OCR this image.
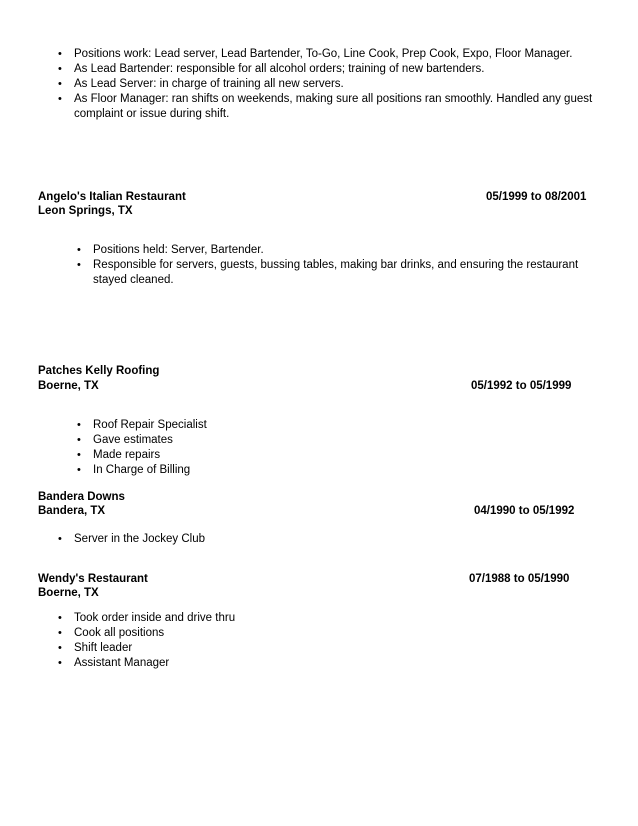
• Positions work: Lead server, Lead Bartender, To-Go, Line Cook, Prep Cook, Expo, Floor Manager.
• As Lead Bartender: responsible for all alcohol orders; training of new bartenders.
• As Lead Server: in charge of training all new servers.
• As Floor Manager: ran shifts on weekends, making sure all positions ran smoothly. Handled any guest complaint or issue during shift.
Angelo's Italian Restaurant	05/1999 to 08/2001
Leon Springs, TX
• Positions held: Server, Bartender.
• Responsible for servers, guests, bussing tables, making bar drinks, and ensuring the restaurant stayed cleaned.
Patches Kelly Roofing
Boerne, TX	05/1992 to 05/1999
• Roof Repair Specialist
• Gave estimates
• Made repairs
• In Charge of Billing
Bandera Downs
Bandera, TX	04/1990 to 05/1992
• Server in the Jockey Club
Wendy's Restaurant	07/1988 to 05/1990
Boerne, TX
• Took order inside and drive thru
• Cook all positions
• Shift leader
• Assistant Manager
